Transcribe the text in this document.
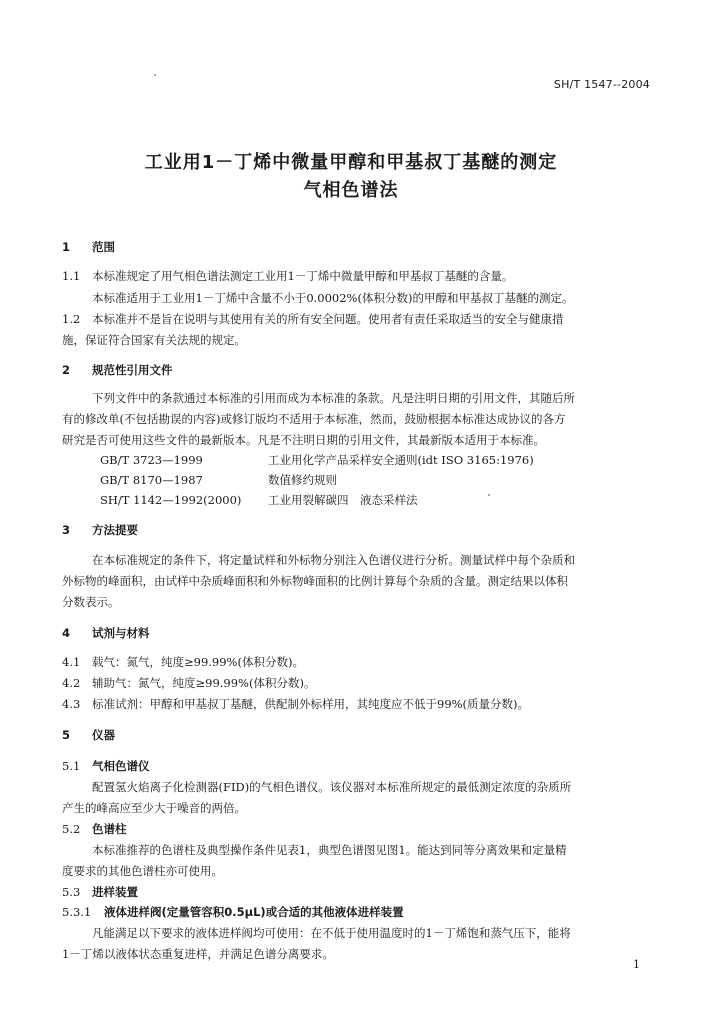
SH/T 1547--2004
工业用1－丁烯中微量甲醇和甲基叔丁基醚的测定
气相色谱法
1 范围
1.1 本标准规定了用气相色谱法测定工业用1－丁烯中微量甲醇和甲基叔丁基醚的含量。
本标准适用于工业用1－丁烯中含量不小于0.0002%(体积分数)的甲醇和甲基叔丁基醚的测定。
1.2 本标准并不是旨在说明与其使用有关的所有安全问题。使用者有责任采取适当的安全与健康措
施，保证符合国家有关法规的规定。
2 规范性引用文件
下列文件中的条款通过本标准的引用而成为本标准的条款。凡是注明日期的引用文件，其随后所
有的修改单(不包括勘误的内容)或修订版均不适用于本标准，然而，鼓励根据本标准达成协议的各方
研究是否可使用这些文件的最新版本。凡是不注明日期的引用文件，其最新版本适用于本标准。
GB/T 3723—1999	工业用化学产品采样安全通则(idt ISO 3165:1976)
GB/T 8170—1987	数值修约规则
SH/T 1142—1992(2000) 工业用裂解碳四　液态采样法
3 方法提要
在本标准规定的条件下，将定量试样和外标物分别注入色谱仪进行分析。测量试样中每个杂质和
外标物的峰面积，由试样中杂质峰面积和外标物峰面积的比例计算每个杂质的含量。测定结果以体积
分数表示。
4 试剂与材料
4.1 载气：氮气，纯度≥99.99%(体积分数)。
4.2 辅助气：氮气，纯度≥99.99%(体积分数)。
4.3 标准试剂：甲醇和甲基叔丁基醚，供配制外标样用，其纯度应不低于99%(质量分数)。
5 仪器
5.1 气相色谱仪
配置氢火焰离子化检测器(FID)的气相色谱仪。该仪器对本标准所规定的最低测定浓度的杂质所
产生的峰高应至少大于噪音的两倍。
5.2 色谱柱
本标准推荐的色谱柱及典型操作条件见表1，典型色谱图见图1。能达到同等分离效果和定量精
度要求的其他色谱柱亦可使用。
5.3 进样装置
5.3.1 液体进样阀(定量管容积0.5μL)或合适的其他液体进样装置
凡能满足以下要求的液体进样阀均可使用：在不低于使用温度时的1－丁烯饱和蒸气压下，能将
1－丁烯以液体状态重复进样，并满足色谱分离要求。
1
